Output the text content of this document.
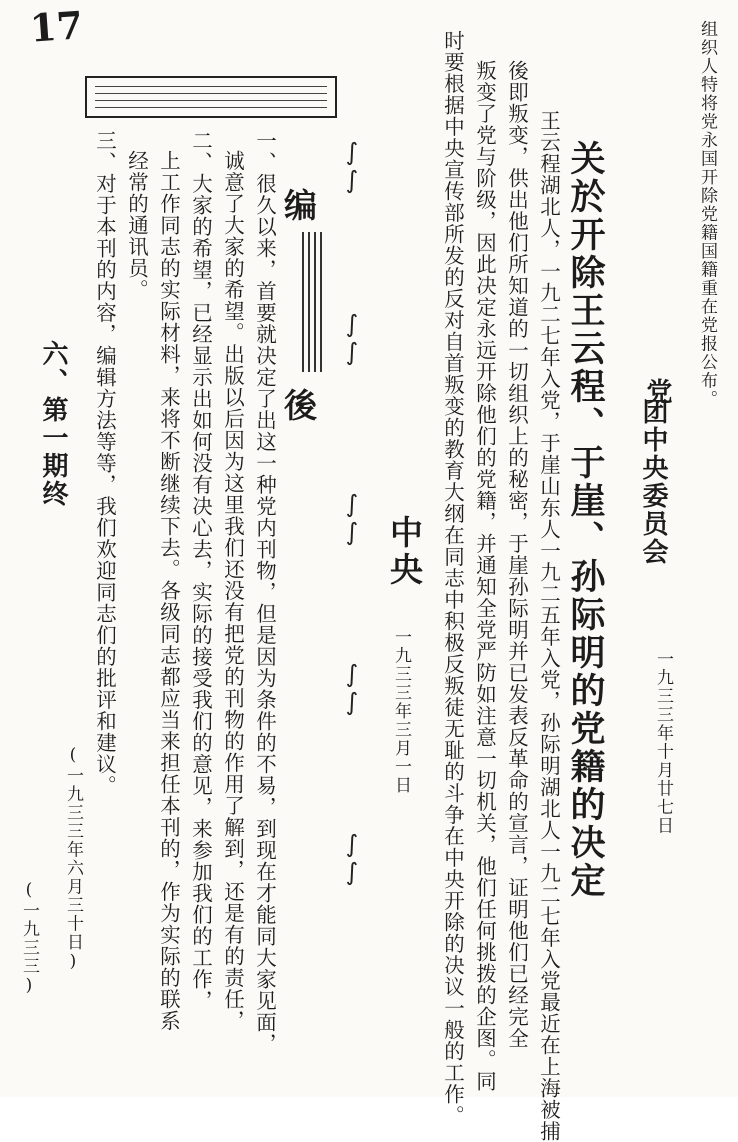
17	组织人特将党永国开除党籍国籍重在党报公布。
党
团中央委员会
一九三三年十月廿七日
关於开除王云程、于崖、孙际明的党籍的决定
王云程湖北人，一九二七年入党，于崖山东人一九二五年入党，孙际明湖北人一九二七年入党最近在上海被捕
後即叛变，供出他们所知道的一切组织上的秘密，于崖孙际明并已发表反革命的宣言，证明他们已经完全
叛变了党与阶级，因此决定永远开除他们的党籍，并通知全党严防如注意一切机关，他们任何挑拨的企图。同
时要根据中央宣传部所发的反对自首叛变的教育大纲在同志中积极反叛徒无耻的斗争在中央开除的决议一般的工作。
中央
一九三三年三月一日
∫∫
∫∫
∫∫
∫∫
∫∫
编
後
一、很久以来，首要就决定了出这一种党内刊物，但是因为条件的不易，到现在才能同大家见面，
诚意了大家的希望。出版以后因为这里我们还没有把党的刊物的作用了解到，还是有的责任，
二、大家的希望，已经显示出如何没有决心去，实际的接受我们的意见，来参加我们的工作，
上工作同志的实际材料，来将不断继续下去。各级同志都应当来担任本刊的，作为实际的联系
经常的通讯员。
三、对于本刊的内容，编辑方法等等，我们欢迎同志们的批评和建议。
(一九三三年六月三十日)
六、第一期终
(一九三三)
